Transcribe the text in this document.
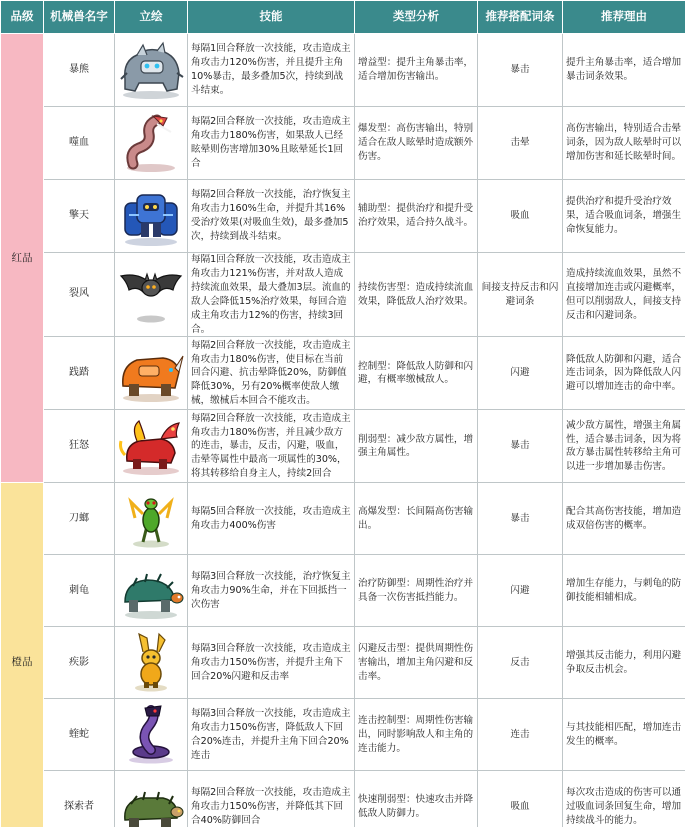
品级	机械兽名字	立绘	技能	类型分析	推荐搭配词条	推荐理由
红品	暴熊		每隔1回合释放一次技能，攻击造成主角攻击力120%伤害，并且提升主角10%暴击，最多叠加5次，持续到战斗结束。	增益型：提升主角暴击率，适合增加伤害输出。	暴击	提升主角暴击率，适合增加暴击词条效果。
	噬血		每隔2回合释放一次技能，攻击造成主角攻击力180%伤害，如果敌人已经眩晕则伤害增加30%且眩晕延长1回合	爆发型：高伤害输出，特别适合在敌人眩晕时造成额外伤害。	击晕	高伤害输出，特别适合击晕词条，因为敌人眩晕时可以增加伤害和延长眩晕时间。
	擎天		每隔2回合释放一次技能，治疗恢复主角攻击力160%生命，并提升其16%受治疗效果(对吸血生效)，最多叠加5次，持续到战斗结束。	辅助型：提供治疗和提升受治疗效果，适合持久战斗。	吸血	提供治疗和提升受治疗效果，适合吸血词条，增强生命恢复能力。
	裂风		每隔1回合释放一次技能，攻击造成主角攻击力121%伤害，并对敌人造成持续流血效果，最大叠加3层。流血的敌人会降低15%治疗效果，每回合造成主角攻击力12%的伤害，持续3回合。	持续伤害型：造成持续流血效果，降低敌人治疗效果。	间接支持反击和闪避词条	造成持续流血效果，虽然不直接增加连击或闪避概率，但可以削弱敌人，间接支持反击和闪避词条。
	践踏		每隔2回合释放一次技能，攻击造成主角攻击力180%伤害，使目标在当前回合闪避、抗击晕降低20%，防御值降低30%，另有20%概率使敌人缴械，缴械后本回合不能攻击。	控制型：降低敌人防御和闪避，有概率缴械敌人。	闪避	降低敌人防御和闪避，适合连击词条，因为降低敌人闪避可以增加连击的命中率。
	狂怒		每隔2回合释放一次技能，攻击造成主角攻击力180%伤害，并且减少敌方的连击，暴击，反击，闪避，吸血，击晕等属性中最高一项属性的30%，将其转移给自身主人，持续2回合	削弱型：减少敌方属性，增强主角属性。	暴击	减少敌方属性，增强主角属性，适合暴击词条，因为将敌方暴击属性转移给主角可以进一步增加暴击伤害。
橙品	刀螂		每隔5回合释放一次技能，攻击造成主角攻击力400%伤害	高爆发型：长间隔高伤害输出。	暴击	配合其高伤害技能，增加造成双倍伤害的概率。
	刺龟		每隔3回合释放一次技能，治疗恢复主角攻击力90%生命，并在下回抵挡一次伤害	治疗防御型：周期性治疗并具备一次伤害抵挡能力。	闪避	增加生存能力，与刺龟的防御技能相辅相成。
	疾影		每隔3回合释放一次技能，攻击造成主角攻击力150%伤害，并提升主角下回合20%闪避和反击率	闪避反击型：提供周期性伤害输出，增加主角闪避和反击率。	反击	增强其反击能力，利用闪避争取反击机会。
	蝰蛇		每隔3回合释放一次技能，攻击造成主角攻击力150%伤害，降低敌人下回合20%连击，并提升主角下回合20%连击	连击控制型：周期性伤害输出，同时影响敌人和主角的连击能力。	连击	与其技能相匹配，增加连击发生的概率。
	探索者		每隔2回合释放一次技能，攻击造成主角攻击力150%伤害，并降低其下回合40%防御回合	快速削弱型：快速攻击并降低敌人防御力。	吸血	每次攻击造成的伤害可以通过吸血词条回复生命，增加持续战斗的能力。
